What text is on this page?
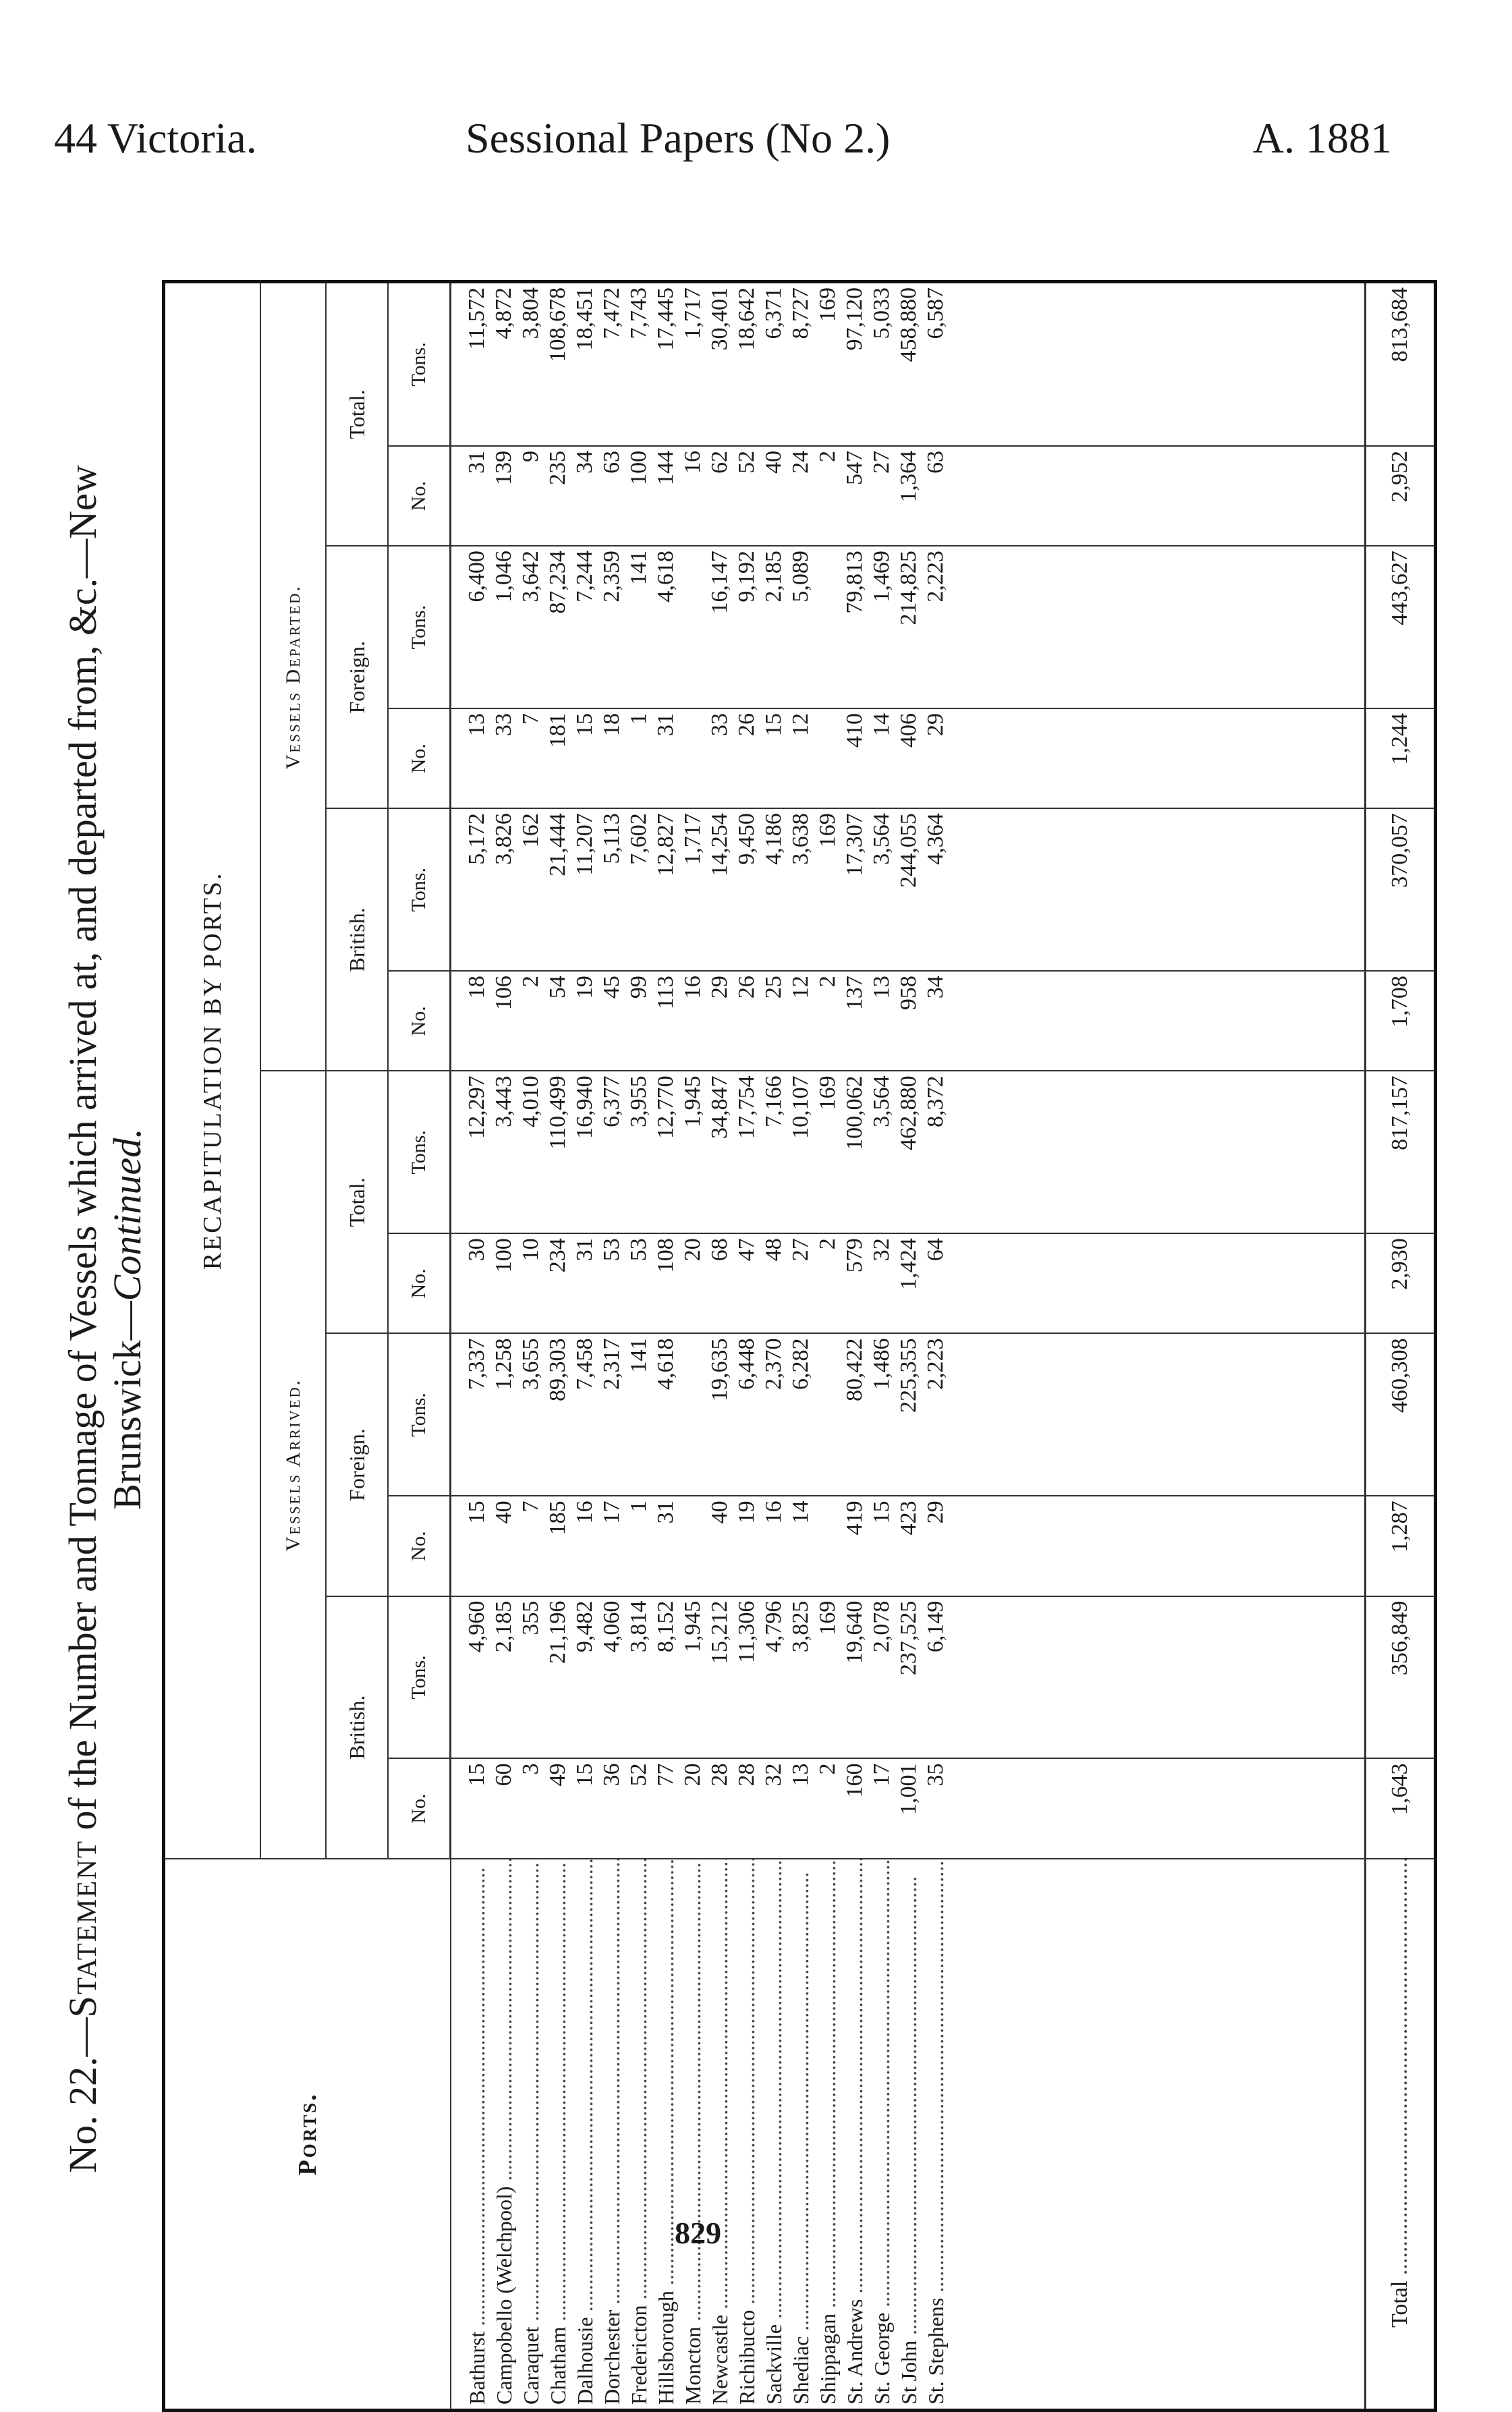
44 Victoria.	Sessional Papers (No 2.)	A. 1881
No. 22.—Statement of the Number and Tonnage of Vessels which arrived at, and departed from, &c.—New Brunswick—Continued.
Ports.	RECAPITULATION BY PORTS.											
	Vessels Arrived.						Vessels Departed.					
	British.		Foreign.		Total.		British.		Foreign.		Total.	
	No.	Tons.	No.	Tons.	No.	Tons.	No.	Tons.	No.	Tons.	No.	Tons.
Bathurst .....	15	4,960	15	7,337	30	12,297	18	5,172	13	6,400	31	11,572
Campobello (Welchpool) .....	60	2,185	40	1,258	100	3,443	106	3,826	33	1,046	139	4,872
Caraquet .....	3	355	7	3,655	10	4,010	2	162	7	3,642	9	3,804
Chatham .....	49	21,196	185	89,303	234	110,499	54	21,444	181	87,234	235	108,678
Dalhousie .....	15	9,482	16	7,458	31	16,940	19	11,207	15	7,244	34	18,451
Dorchester .....	36	4,060	17	2,317	53	6,377	45	5,113	18	2,359	63	7,472
Fredericton .....	52	3,814	1	141	53	3,955	99	7,602	1	141	100	7,743
Hillsborough .....	77	8,152	31	4,618	108	12,770	113	12,827	31	4,618	144	17,445
Moncton .....	20	1,945			20	1,945	16	1,717			16	1,717
Newcastle .....	28	15,212	40	19,635	68	34,847	29	14,254	33	16,147	62	30,401
Richibucto .....	28	11,306	19	6,448	47	17,754	26	9,450	26	9,192	52	18,642
Sackville .....	32	4,796	16	2,370	48	7,166	25	4,186	15	2,185	40	6,371
Shediac .....	13	3,825	14	6,282	27	10,107	12	3,638	12	5,089	24	8,727
Shippagan .....	2	169			2	169	2	169			2	169
St. Andrews .....	160	19,640	419	80,422	579	100,062	137	17,307	410	79,813	547	97,120
St. George .....	17	2,078	15	1,486	32	3,564	13	3,564	14	1,469	27	5,033
St John .....	1,001	237,525	423	225,355	1,424	462,880	958	244,055	406	214,825	1,364	458,880
St. Stephens .....	35	6,149	29	2,223	64	8,372	34	4,364	29	2,223	63	6,587

Total .....	1,643	356,849	1,287	460,308	2,930	817,157	1,708	370,057	1,244	443,627	2,952	813,684
829
